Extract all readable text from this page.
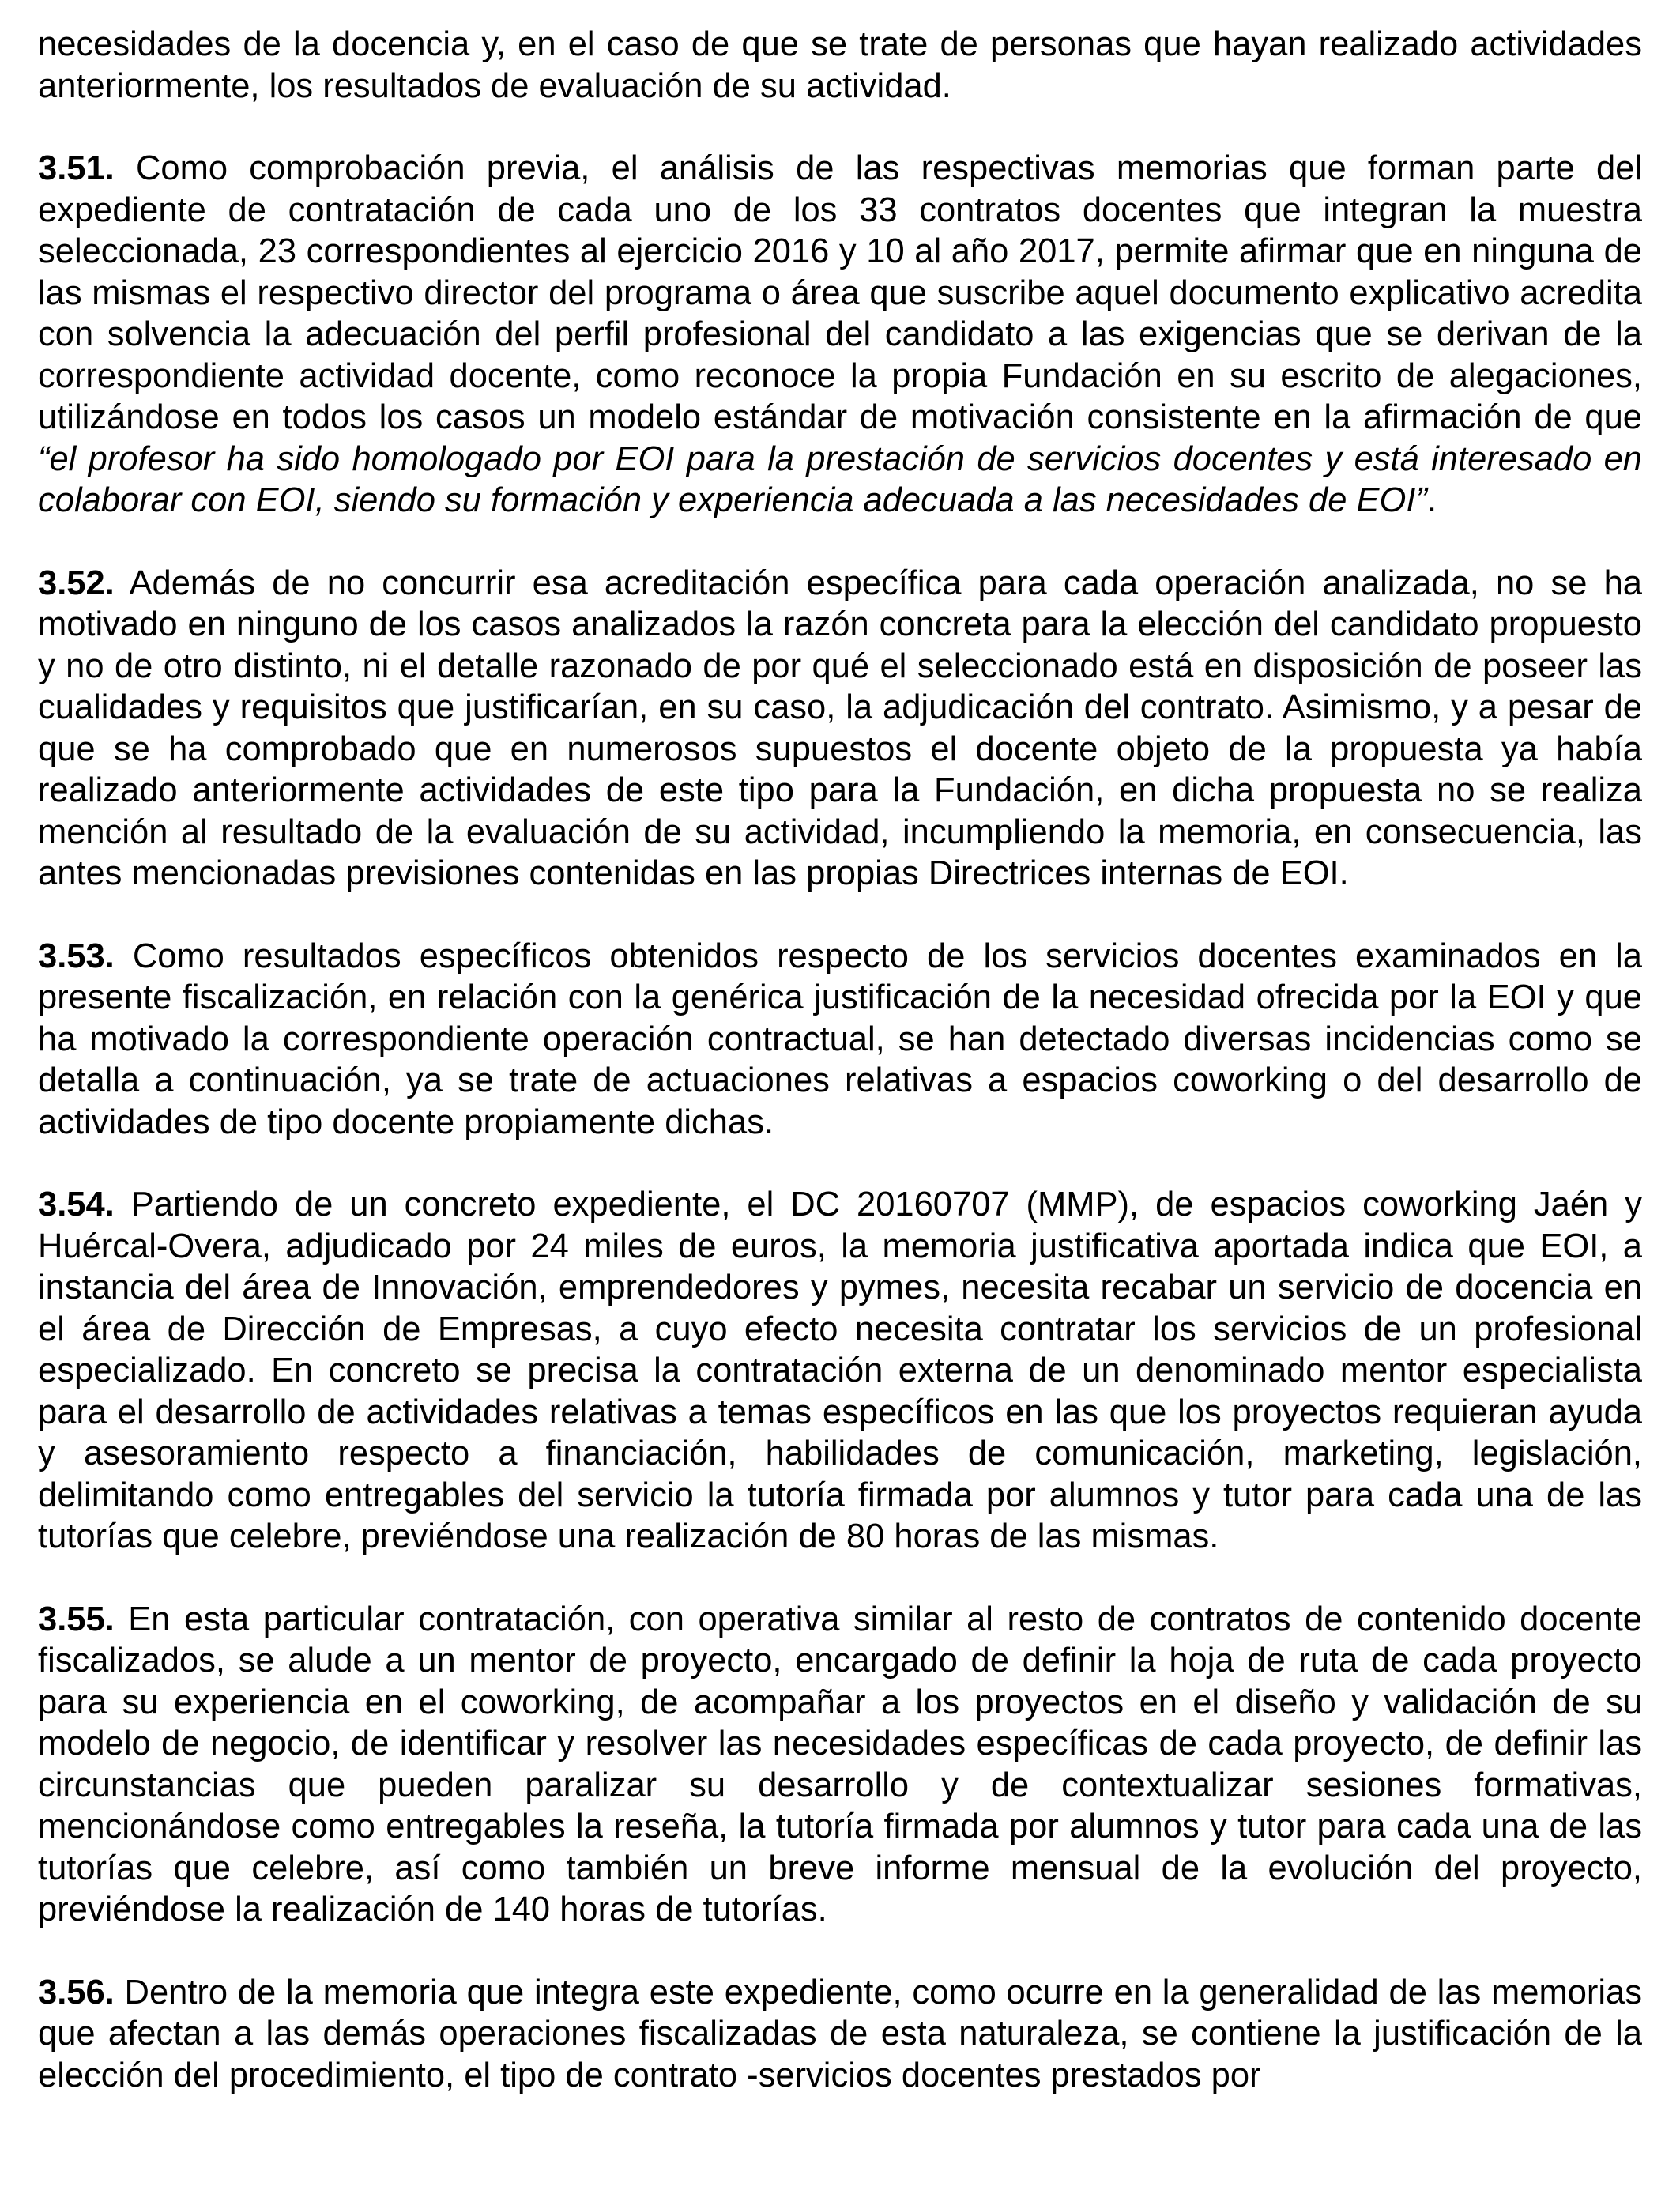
necesidades de la docencia y, en el caso de que se trate de personas que hayan realizado actividades anteriormente, los resultados de evaluación de su actividad.

3.51. Como comprobación previa, el análisis de las respectivas memorias que forman parte del expediente de contratación de cada uno de los 33 contratos docentes que integran la muestra seleccionada, 23 correspondientes al ejercicio 2016 y 10 al año 2017, permite afirmar que en ninguna de las mismas el respectivo director del programa o área que suscribe aquel documento explicativo acredita con solvencia la adecuación del perfil profesional del candidato a las exigencias que se derivan de la correspondiente actividad docente, como reconoce la propia Fundación en su escrito de alegaciones, utilizándose en todos los casos un modelo estándar de motivación consistente en la afirmación de que “el profesor ha sido homologado por EOI para la prestación de servicios docentes y está interesado en colaborar con EOI, siendo su formación y experiencia adecuada a las necesidades de EOI”.

3.52. Además de no concurrir esa acreditación específica para cada operación analizada, no se ha motivado en ninguno de los casos analizados la razón concreta para la elección del candidato propuesto y no de otro distinto, ni el detalle razonado de por qué el seleccionado está en disposición de poseer las cualidades y requisitos que justificarían, en su caso, la adjudicación del contrato. Asimismo, y a pesar de que se ha comprobado que en numerosos supuestos el docente objeto de la propuesta ya había realizado anteriormente actividades de este tipo para la Fundación, en dicha propuesta no se realiza mención al resultado de la evaluación de su actividad, incumpliendo la memoria, en consecuencia, las antes mencionadas previsiones contenidas en las propias Directrices internas de EOI.

3.53. Como resultados específicos obtenidos respecto de los servicios docentes examinados en la presente fiscalización, en relación con la genérica justificación de la necesidad ofrecida por la EOI y que ha motivado la correspondiente operación contractual, se han detectado diversas incidencias como se detalla a continuación, ya se trate de actuaciones relativas a espacios coworking o del desarrollo de actividades de tipo docente propiamente dichas.

3.54. Partiendo de un concreto expediente, el DC 20160707 (MMP), de espacios coworking Jaén y Huércal-Overa, adjudicado por 24 miles de euros, la memoria justificativa aportada indica que EOI, a instancia del área de Innovación, emprendedores y pymes, necesita recabar un servicio de docencia en el área de Dirección de Empresas, a cuyo efecto necesita contratar los servicios de un profesional especializado. En concreto se precisa la contratación externa de un denominado mentor especialista para el desarrollo de actividades relativas a temas específicos en las que los proyectos requieran ayuda y asesoramiento respecto a financiación, habilidades de comunicación, marketing, legislación, delimitando como entregables del servicio la tutoría firmada por alumnos y tutor para cada una de las tutorías que celebre, previéndose una realización de 80 horas de las mismas.

3.55. En esta particular contratación, con operativa similar al resto de contratos de contenido docente fiscalizados, se alude a un mentor de proyecto, encargado de definir la hoja de ruta de cada proyecto para su experiencia en el coworking, de acompañar a los proyectos en el diseño y validación de su modelo de negocio, de identificar y resolver las necesidades específicas de cada proyecto, de definir las circunstancias que pueden paralizar su desarrollo y de contextualizar sesiones formativas, mencionándose como entregables la reseña, la tutoría firmada por alumnos y tutor para cada una de las tutorías que celebre, así como también un breve informe mensual de la evolución del proyecto, previéndose la realización de 140 horas de tutorías.

3.56. Dentro de la memoria que integra este expediente, como ocurre en la generalidad de las memorias que afectan a las demás operaciones fiscalizadas de esta naturaleza, se contiene la justificación de la elección del procedimiento, el tipo de contrato -servicios docentes prestados por
